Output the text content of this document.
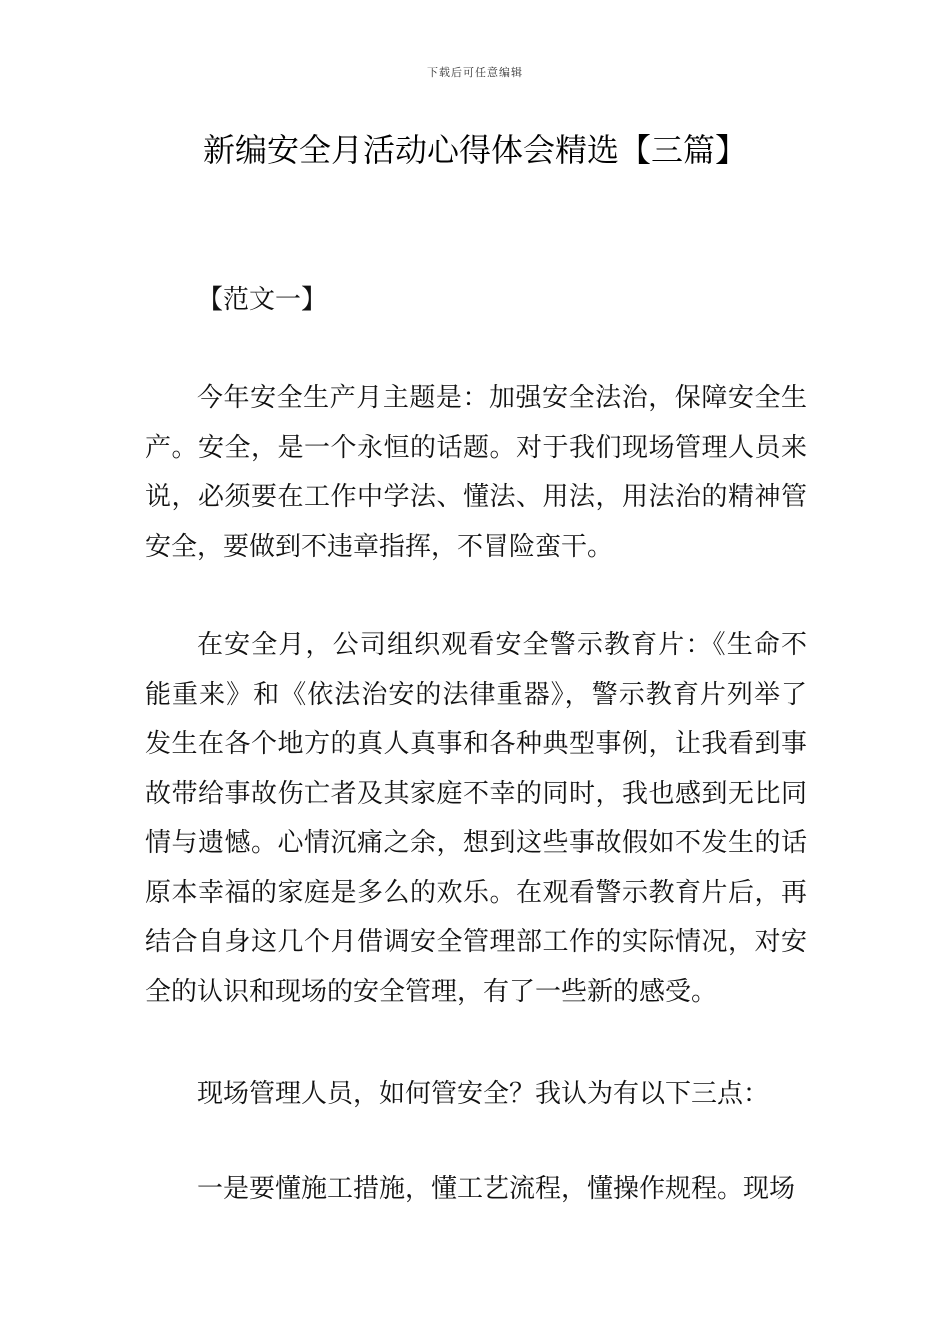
下载后可任意编辑
新编安全月活动心得体会精选【三篇】

【范文一】

今年安全生产月主题是：加强安全法治，保障安全生产。安全，是一个永恒的话题。对于我们现场管理人员来说，必须要在工作中学法、懂法、用法，用法治的精神管安全，要做到不违章指挥，不冒险蛮干。

在安全月，公司组织观看安全警示教育片：《生命不能重来》和《依法治安的法律重器》，警示教育片列举了发生在各个地方的真人真事和各种典型事例，让我看到事故带给事故伤亡者及其家庭不幸的同时，我也感到无比同情与遗憾。心情沉痛之余，想到这些事故假如不发生的话原本幸福的家庭是多么的欢乐。在观看警示教育片后，再结合自身这几个月借调安全管理部工作的实际情况，对安全的认识和现场的安全管理，有了一些新的感受。

现场管理人员，如何管安全？我认为有以下三点：

一是要懂施工措施，懂工艺流程，懂操作规程。现场
